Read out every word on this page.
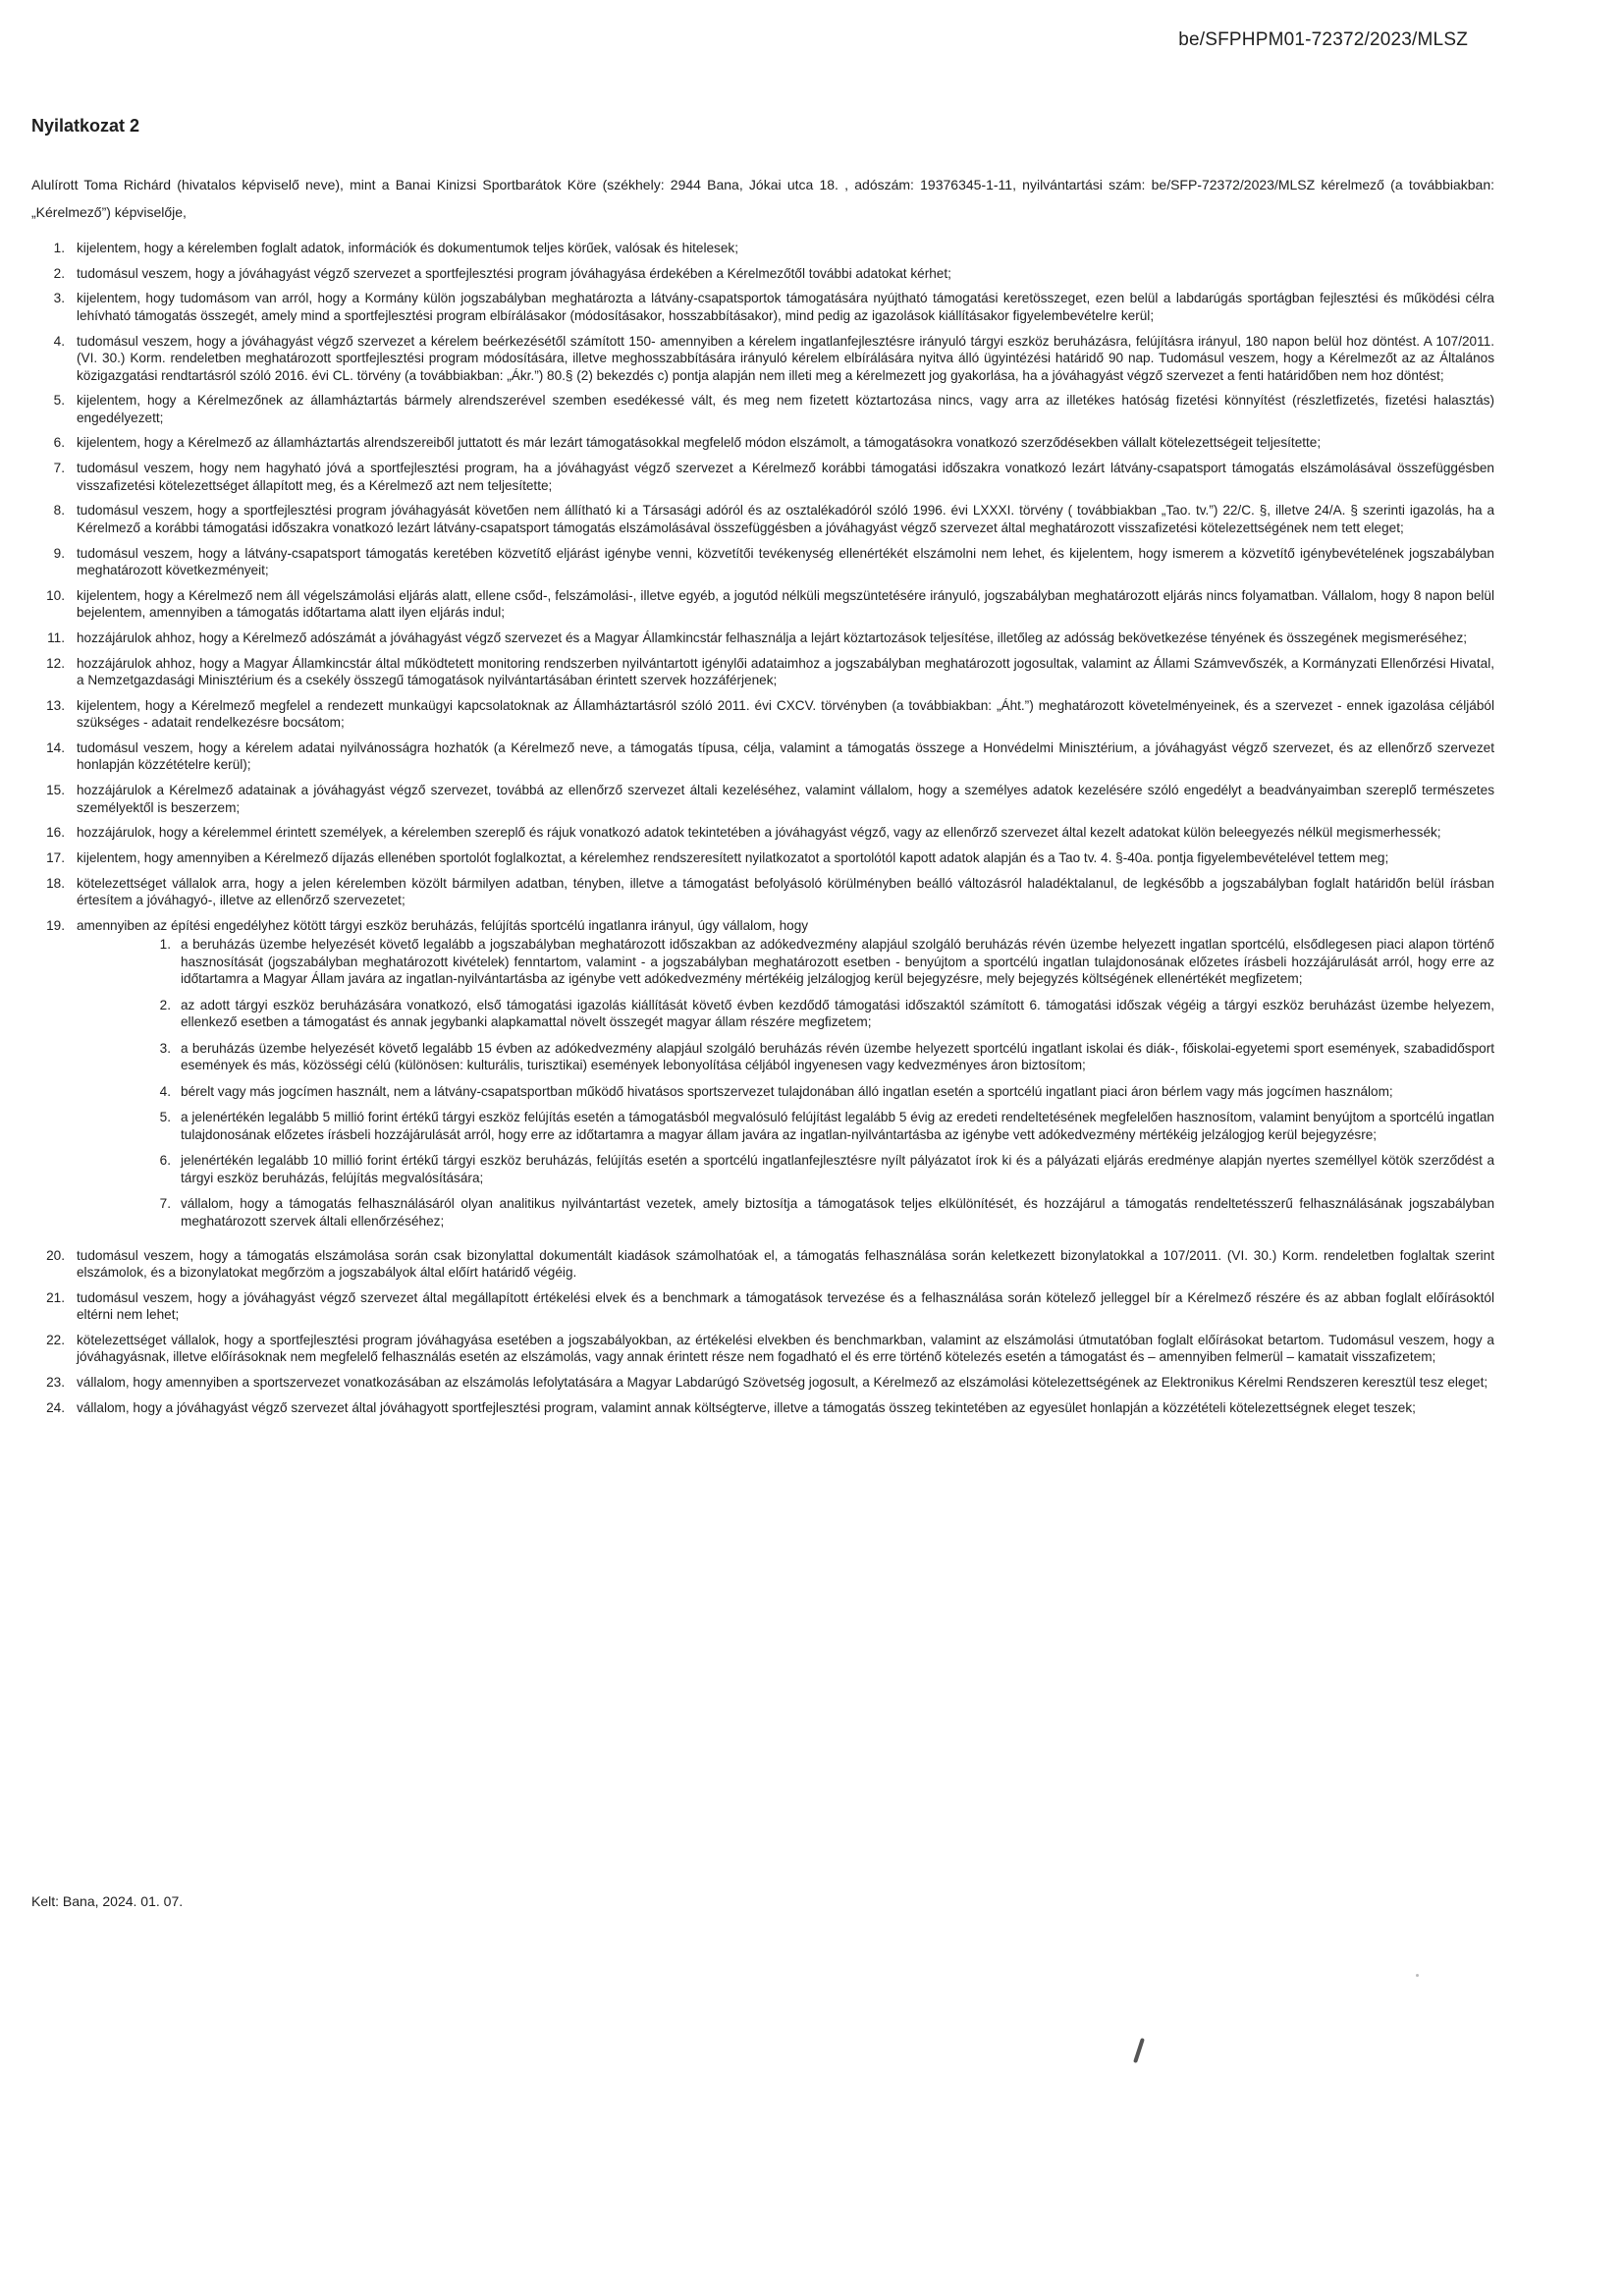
be/SFPHPM01-72372/2023/MLSZ
Nyilatkozat 2
Alulírott Toma Richárd (hivatalos képviselő neve), mint a Banai Kinizsi Sportbarátok Köre (székhely: 2944 Bana, Jókai utca 18. , adószám: 19376345-1-11, nyilvántartási szám: be/SFP-72372/2023/MLSZ kérelmező (a továbbiakban: „Kérelmező”) képviselője,
1. kijelentem, hogy a kérelemben foglalt adatok, információk és dokumentumok teljes körűek, valósak és hitelesek;
2. tudomásul veszem, hogy a jóváhagyást végző szervezet a sportfejlesztési program jóváhagyása érdekében a Kérelmezőtől további adatokat kérhet;
3. kijelentem, hogy tudomásom van arról, hogy a Kormány külön jogszabályban meghatározta a látvány-csapatsportok támogatására nyújtható támogatási keretösszeget, ezen belül a labdarúgás sportágban fejlesztési és működési célra lehívható támogatás összegét, amely mind a sportfejlesztési program elbírálásakor (módosításakor, hosszabbításakor), mind pedig az igazolások kiállításakor figyelembevételre kerül;
4. tudomásul veszem, hogy a jóváhagyást végző szervezet a kérelem beérkezésétől számított 150- amennyiben a kérelem ingatlanfejlesztésre irányuló tárgyi eszköz beruházásra, felújításra irányul, 180 napon belül hoz döntést. A 107/2011. (VI. 30.) Korm. rendeletben meghatározott sportfejlesztési program módosítására, illetve meghosszabbítására irányuló kérelem elbírálására nyitva álló ügyintézési határidő 90 nap. Tudomásul veszem, hogy a Kérelmezőt az az Általános közigazgatási rendtartásról szóló 2016. évi CL. törvény (a továbbiakban: „Ákr.”) 80.§ (2) bekezdés c) pontja alapján nem illeti meg a kérelmezett jog gyakorlása, ha a jóváhagyást végző szervezet a fenti határidőben nem hoz döntést;
5. kijelentem, hogy a Kérelmezőnek az államháztartás bármely alrendszerével szemben esedékessé vált, és meg nem fizetett köztartozása nincs, vagy arra az illetékes hatóság fizetési könnyítést (részletfizetés, fizetési halasztás) engedélyezett;
6. kijelentem, hogy a Kérelmező az államháztartás alrendszereiből juttatott és már lezárt támogatásokkal megfelelő módon elszámolt, a támogatásokra vonatkozó szerződésekben vállalt kötelezettségeit teljesítette;
7. tudomásul veszem, hogy nem hagyható jóvá a sportfejlesztési program, ha a jóváhagyást végző szervezet a Kérelmező korábbi támogatási időszakra vonatkozó lezárt látvány-csapatsport támogatás elszámolásával összefüggésben visszafizetési kötelezettséget állapított meg, és a Kérelmező azt nem teljesítette;
8. tudomásul veszem, hogy a sportfejlesztési program jóváhagyását követően nem állítható ki a Társasági adóról és az osztalékadóról szóló 1996. évi LXXXI. törvény ( továbbiakban „Tao. tv.”) 22/C. §, illetve 24/A. § szerinti igazolás, ha a Kérelmező a korábbi támogatási időszakra vonatkozó lezárt látvány-csapatsport támogatás elszámolásával összefüggésben a jóváhagyást végző szervezet által meghatározott visszafizetési kötelezettségének nem tett eleget;
9. tudomásul veszem, hogy a látvány-csapatsport támogatás keretében közvetítő eljárást igénybe venni, közvetítői tevékenység ellenértékét elszámolni nem lehet, és kijelentem, hogy ismerem a közvetítő igénybevételének jogszabályban meghatározott következményeit;
10. kijelentem, hogy a Kérelmező nem áll végelszámolási eljárás alatt, ellene csőd-, felszámolási-, illetve egyéb, a jogutód nélküli megszüntetésére irányuló, jogszabályban meghatározott eljárás nincs folyamatban. Vállalom, hogy 8 napon belül bejelentem, amennyiben a támogatás időtartama alatt ilyen eljárás indul;
11. hozzájárulok ahhoz, hogy a Kérelmező adószámát a jóváhagyást végző szervezet és a Magyar Államkincstár felhasználja a lejárt köztartozások teljesítése, illetőleg az adósság bekövetkezése tényének és összegének megismeréséhez;
12. hozzájárulok ahhoz, hogy a Magyar Államkincstár által működtetett monitoring rendszerben nyilvántartott igénylői adataimhoz a jogszabályban meghatározott jogosultak, valamint az Állami Számvevőszék, a Kormányzati Ellenőrzési Hivatal, a Nemzetgazdasági Minisztérium és a csekély összegű támogatások nyilvántartásában érintett szervek hozzáférjenek;
13. kijelentem, hogy a Kérelmező megfelel a rendezett munkaügyi kapcsolatoknak az Államháztartásról szóló 2011. évi CXCV. törvényben (a továbbiakban: „Áht.”) meghatározott követelményeinek, és a szervezet - ennek igazolása céljából szükséges - adatait rendelkezésre bocsátom;
14. tudomásul veszem, hogy a kérelem adatai nyilvánosságra hozhatók (a Kérelmező neve, a támogatás típusa, célja, valamint a támogatás összege a Honvédelmi Minisztérium, a jóváhagyást végző szervezet, és az ellenőrző szervezet honlapján közzétételre kerül);
15. hozzájárulok a Kérelmező adatainak a jóváhagyást végző szervezet, továbbá az ellenőrző szervezet általi kezeléséhez, valamint vállalom, hogy a személyes adatok kezelésére szóló engedélyt a beadványaimban szereplő természetes személyektől is beszerzem;
16. hozzájárulok, hogy a kérelemmel érintett személyek, a kérelemben szereplő és rájuk vonatkozó adatok tekintetében a jóváhagyást végző, vagy az ellenőrző szervezet által kezelt adatokat külön beleegyezés nélkül megismerhessék;
17. kijelentem, hogy amennyiben a Kérelmező díjazás ellenében sportolót foglalkoztat, a kérelemhez rendszeresített nyilatkozatot a sportolótól kapott adatok alapján és a Tao tv. 4. §-40a. pontja figyelembevételével tettem meg;
18. kötelezettséget vállalok arra, hogy a jelen kérelemben közölt bármilyen adatban, tényben, illetve a támogatást befolyásoló körülményben beálló változásról haladéktalanul, de legkésőbb a jogszabályban foglalt határidőn belül írásban értesítem a jóváhagyó-, illetve az ellenőrző szervezetet;
19. amennyiben az építési engedélyhez kötött tárgyi eszköz beruházás, felújítás sportcélú ingatlanra irányul, úgy vállalom, hogy
1. a beruházás üzembe helyezését követő legalább a jogszabályban meghatározott időszakban az adókedvezmény alapjául szolgáló beruházás révén üzembe helyezett ingatlan sportcélú, elsődlegesen piaci alapon történő hasznosítását (jogszabályban meghatározott kivételek) fenntartom, valamint - a jogszabályban meghatározott esetben - benyújtom a sportcélú ingatlan tulajdonosának előzetes írásbeli hozzájárulását arról, hogy erre az időtartamra a Magyar Állam javára az ingatlan-nyilvántartásba az igénybe vett adókedvezmény mértékéig jelzálogjog kerül bejegyzésre, mely bejegyzés költségének ellenértékét megfizetem;
2. az adott tárgyi eszköz beruházására vonatkozó, első támogatási igazolás kiállítását követő évben kezdődő támogatási időszaktól számított 6. támogatási időszak végéig a tárgyi eszköz beruházást üzembe helyezem, ellenkező esetben a támogatást és annak jegybanki alapkamattal növelt összegét magyar állam részére megfizetem;
3. a beruházás üzembe helyezését követő legalább 15 évben az adókedvezmény alapjául szolgáló beruházás révén üzembe helyezett sportcélú ingatlant iskolai és diák-, főiskolai-egyetemi sport események, szabadidősport események és más, közösségi célú (különösen: kulturális, turisztikai) események lebonyolítása céljából ingyenesen vagy kedvezményes áron biztosítom;
4. bérelt vagy más jogcímen használt, nem a látvány-csapatsportban működő hivatásos sportszervezet tulajdonában álló ingatlan esetén a sportcélú ingatlant piaci áron bérlem vagy más jogcímen használom;
5. a jelenértékén legalább 5 millió forint értékű tárgyi eszköz felújítás esetén a támogatásból megvalósuló felújítást legalább 5 évig az eredeti rendeltetésének megfelelően hasznosítom, valamint benyújtom a sportcélú ingatlan tulajdonosának előzetes írásbeli hozzájárulását arról, hogy erre az időtartamra a magyar állam javára az ingatlan-nyilvántartásba az igénybe vett adókedvezmény mértékéig jelzálogjog kerül bejegyzésre;
6. jelenértékén legalább 10 millió forint értékű tárgyi eszköz beruházás, felújítás esetén a sportcélú ingatlanfejlesztésre nyílt pályázatot írok ki és a pályázati eljárás eredménye alapján nyertes személlyel kötök szerződést a tárgyi eszköz beruházás, felújítás megvalósítására;
7. vállalom, hogy a támogatás felhasználásáról olyan analitikus nyilvántartást vezetek, amely biztosítja a támogatások teljes elkülönítését, és hozzájárul a támogatás rendeltetésszerű felhasználásának jogszabályban meghatározott szervek általi ellenőrzéséhez;
20. tudomásul veszem, hogy a támogatás elszámolása során csak bizonylattal dokumentált kiadások számolhatóak el, a támogatás felhasználása során keletkezett bizonylatokkal a 107/2011. (VI. 30.) Korm. rendeletben foglaltak szerint elszámolok, és a bizonylatokat megőrzöm a jogszabályok által előírt határidő végéig.
21. tudomásul veszem, hogy a jóváhagyást végző szervezet által megállapított értékelési elvek és a benchmark a támogatások tervezése és a felhasználása során kötelező jelleggel bír a Kérelmező részére és az abban foglalt előírásoktól eltérni nem lehet;
22. kötelezettséget vállalok, hogy a sportfejlesztési program jóváhagyása esetében a jogszabályokban, az értékelési elvekben és benchmarkban, valamint az elszámolási útmutatóban foglalt előírásokat betartom. Tudomásul veszem, hogy a jóváhagyásnak, illetve előírásoknak nem megfelelő felhasználás esetén az elszámolás, vagy annak érintett része nem fogadható el és erre történő kötelezés esetén a támogatást és – amennyiben felmerül – kamatait visszafizetem;
23. vállalom, hogy amennyiben a sportszervezet vonatkozásában az elszámolás lefolytatására a Magyar Labdarúgó Szövetség jogosult, a Kérelmező az elszámolási kötelezettségének az Elektronikus Kérelmi Rendszeren keresztül tesz eleget;
24. vállalom, hogy a jóváhagyást végző szervezet által jóváhagyott sportfejlesztési program, valamint annak költségterve, illetve a támogatás összeg tekintetében az egyesület honlapján a közzétételi kötelezettségnek eleget teszek;
Kelt: Bana, 2024. 01. 07.
